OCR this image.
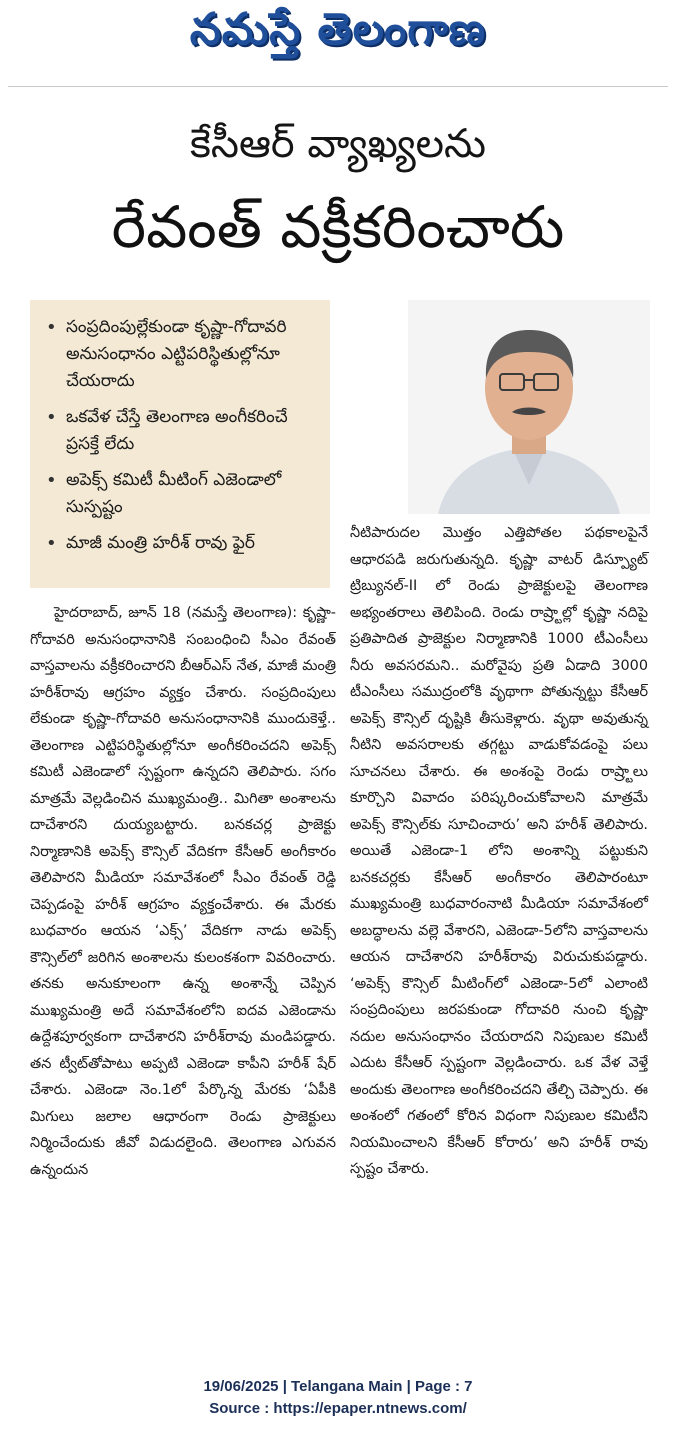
నమస్తే తెలంగాణ
కేసీఆర్ వ్యాఖ్యలను
రేవంత్ వక్రీకరించారు
• సంప్రదింపుల్లేకుండా కృష్ణా-గోదావరి అనుసంధానం ఎట్టిపరిస్థితుల్లోనూ చేయరాదు
• ఒకవేళ చేస్తే తెలంగాణ అంగీకరించే ప్రసక్తే లేదు
• అపెక్స్ కమిటీ మీటింగ్ ఎజెండాలో సుస్పష్టం
• మాజీ మంత్రి హరీశ్ రావు ఫైర్

హైదరాబాద్, జూన్ 18 (నమస్తే తెలంగాణ): కృష్ణా-గోదావరి అనుసంధానానికి సంబంధించి సీఎం రేవంత్ వాస్తవాలను వక్రీకరించారని బీఆర్ఎస్ నేత, మాజీ మంత్రి హరీశ్‌రావు ఆగ్రహం వ్యక్తం చేశారు. సంప్రదింపులు లేకుండా కృష్ణా-గోదావరి అనుసంధానానికి ముందుకెళ్తే.. తెలంగాణ ఎట్టిపరిస్థితుల్లోనూ అంగీకరించదని అపెక్స్ కమిటీ ఎజెండాలో స్పష్టంగా ఉన్నదని తెలిపారు. సగం మాత్రమే వెల్లడించిన ముఖ్యమంత్రి.. మిగితా అంశాలను దాచేశారని దుయ్యబట్టారు. బనకచర్ల ప్రాజెక్టు నిర్మాణానికి అపెక్స్ కౌన్సిల్ వేదికగా కేసీఆర్ అంగీకారం తెలిపారని మీడియా సమావేశంలో సీఎం రేవంత్ రెడ్డి చెప్పడంపై హరీశ్ ఆగ్రహం వ్యక్తంచేశారు. ఈ మేరకు బుధవారం ఆయన ‘ఎక్స్’ వేదికగా నాడు అపెక్స్ కౌన్సిల్‌లో జరిగిన అంశాలను కులంకశంగా వివరించారు. తనకు అనుకూలంగా ఉన్న అంశాన్నే చెప్పిన ముఖ్యమంత్రి అదే సమావేశంలోని ఐదవ ఎజెండాను ఉద్దేశపూర్వకంగా దాచేశారని హరీశ్‌రావు మండిపడ్డారు. తన ట్వీట్‌తోపాటు అప్పటి ఎజెండా కాపీని హరీశ్ షేర్ చేశారు. ఎజెండా నెం.1లో పేర్కొన్న మేరకు ‘ఏపీకి మిగులు జలాల ఆధారంగా రెండు ప్రాజెక్టులు నిర్మించేందుకు జీవో విడుదలైంది. తెలంగాణ ఎగువన ఉన్నందున

నీటిపారుదల మొత్తం ఎత్తిపోతల పథకాలపైనే ఆధారపడి జరుగుతున్నది. కృష్ణా వాటర్ డిస్ప్యూట్ ట్రిబ్యునల్-II లో రెండు ప్రాజెక్టులపై తెలంగాణ అభ్యంతరాలు తెలిపింది. రెండు రాష్ర్టాల్లో కృష్ణా నదిపై ప్రతిపాదిత ప్రాజెక్టుల నిర్మాణానికి 1000 టీఎంసీలు నీరు అవసరమని.. మరోవైపు ప్రతి ఏడాది 3000 టీఎంసీలు సముద్రంలోకి వృథాగా పోతున్నట్టు కేసీఆర్ అపెక్స్ కౌన్సిల్ దృష్టికి తీసుకెళ్లారు. వృథా అవుతున్న నీటిని అవసరాలకు తగ్గట్టు వాడుకోవడంపై పలు సూచనలు చేశారు. ఈ అంశంపై రెండు రాష్ర్టాలు కూర్చొని వివాదం పరిష్కరించుకోవాలని మాత్రమే అపెక్స్ కౌన్సిల్‌కు సూచించారు’ అని హరీశ్ తెలిపారు. అయితే ఎజెండా-1 లోని అంశాన్ని పట్టుకుని బనకచర్లకు కేసీఆర్ అంగీకారం తెలిపారంటూ ముఖ్యమంత్రి బుధవారంనాటి మీడియా సమావేశంలో అబద్ధాలను వల్లె వేశారని, ఎజెండా-5లోని వాస్తవాలను ఆయన దాచేశారని హరీశ్‌రావు విరుచుకుపడ్డారు. ‘అపెక్స్ కౌన్సిల్ మీటింగ్‌లో ఎజెండా-5లో ఎలాంటి సంప్రదింపులు జరపకుండా గోదావరి నుంచి కృష్ణా నదుల అనుసంధానం చేయరాదని నిపుణుల కమిటీ ఎదుట కేసీఆర్ స్పష్టంగా వెల్లడించారు. ఒక వేళ వెళ్తే అందుకు తెలంగాణ అంగీకరించదని తేల్చి చెప్పారు. ఈ అంశంలో గతంలో కోరిన విధంగా నిపుణుల కమిటీని నియమించాలని కేసీఆర్ కోరారు’ అని హరీశ్ రావు స్పష్టం చేశారు.

19/06/2025 | Telangana Main | Page : 7
Source : https://epaper.ntnews.com/
